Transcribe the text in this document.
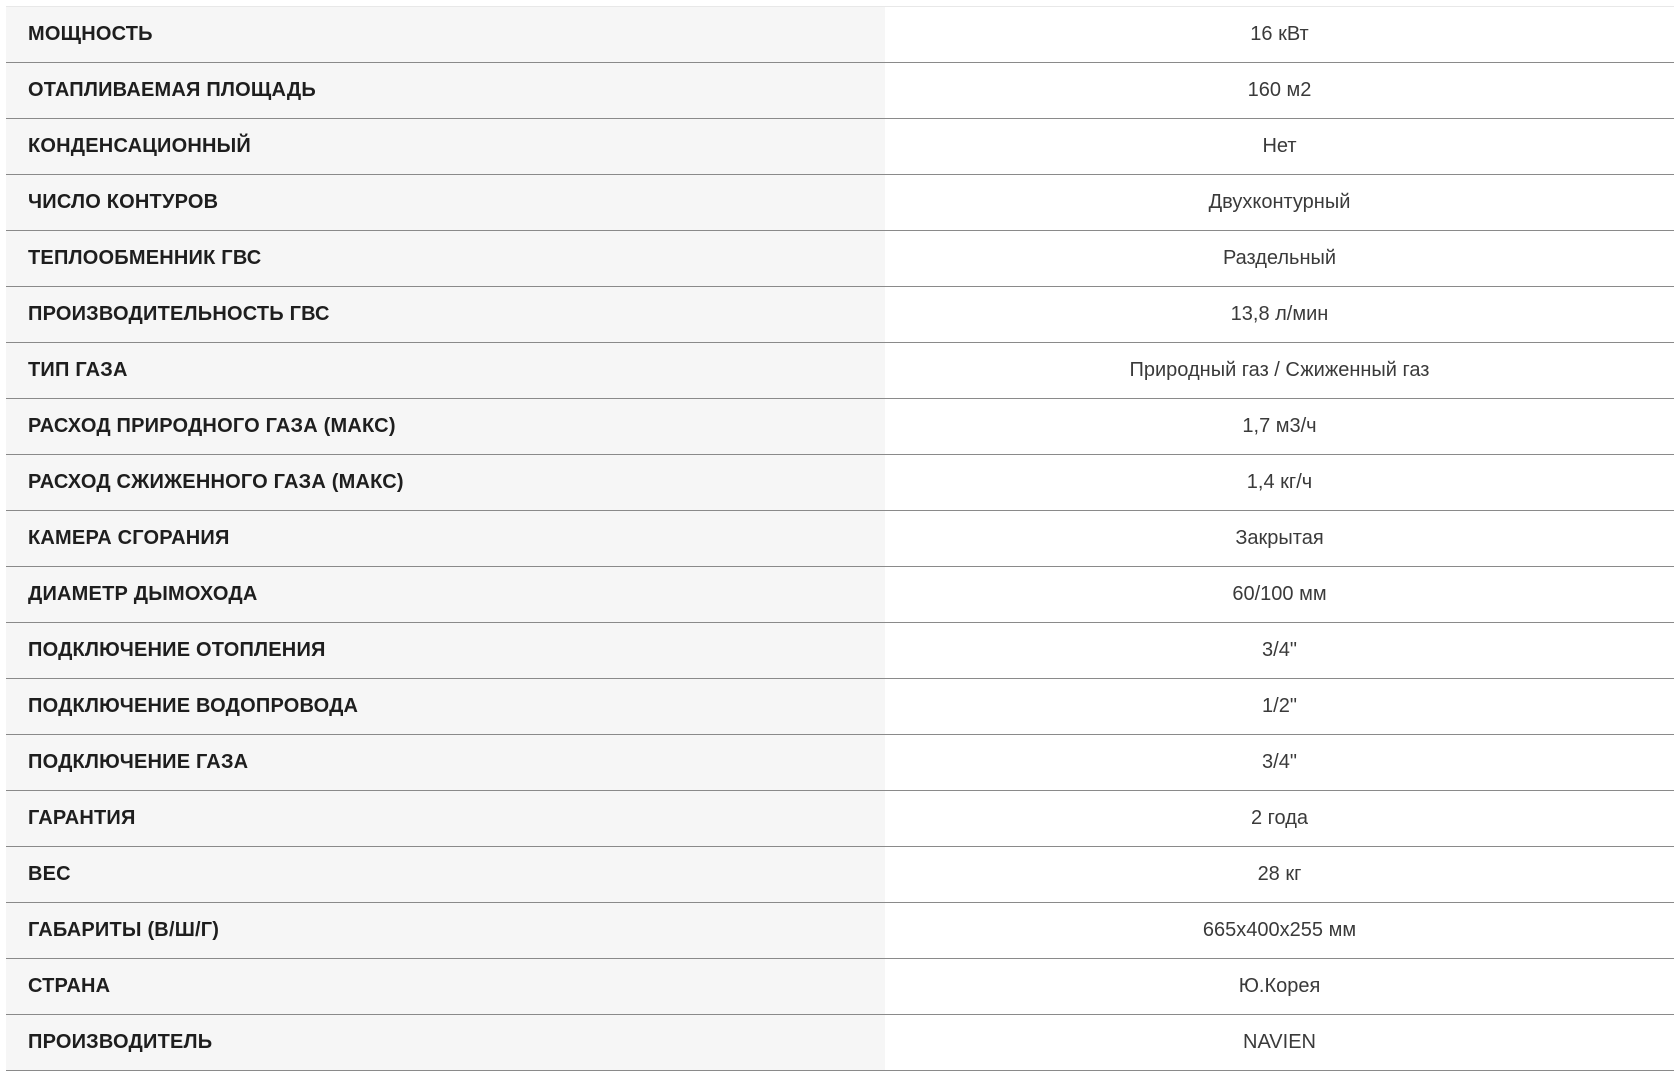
МОЩНОСТЬ	16 кВт
ОТАПЛИВАЕМАЯ ПЛОЩАДЬ	160 м2
КОНДЕНСАЦИОННЫЙ	Нет
ЧИСЛО КОНТУРОВ	Двухконтурный
ТЕПЛООБМЕННИК ГВС	Раздельный
ПРОИЗВОДИТЕЛЬНОСТЬ ГВС	13,8 л/мин
ТИП ГАЗА	Природный газ / Сжиженный газ
РАСХОД ПРИРОДНОГО ГАЗА (МАКС)	1,7 м3/ч
РАСХОД СЖИЖЕННОГО ГАЗА (МАКС)	1,4 кг/ч
КАМЕРА СГОРАНИЯ	Закрытая
ДИАМЕТР ДЫМОХОДА	60/100 мм
ПОДКЛЮЧЕНИЕ ОТОПЛЕНИЯ	3/4"
ПОДКЛЮЧЕНИЕ ВОДОПРОВОДА	1/2"
ПОДКЛЮЧЕНИЕ ГАЗА	3/4"
ГАРАНТИЯ	2 года
ВЕС	28 кг
ГАБАРИТЫ (В/Ш/Г)	665x400x255 мм
СТРАНА	Ю.Корея
ПРОИЗВОДИТЕЛЬ	NAVIEN
